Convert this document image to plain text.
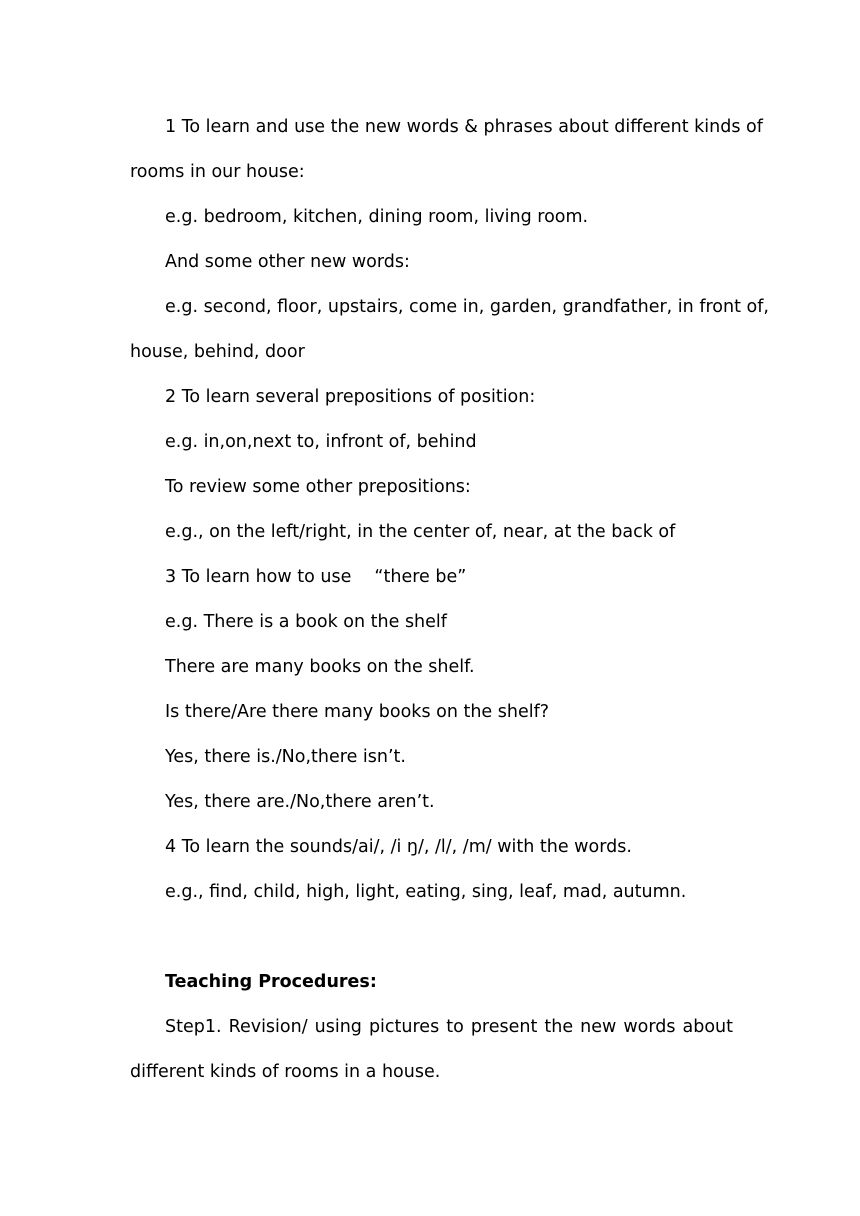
1 To learn and use the new words & phrases about different kinds of
rooms in our house:
e.g. bedroom, kitchen, dining room, living room.
And some other new words:
e.g. second, floor, upstairs, come in, garden, grandfather, in front of,
house, behind, door
2 To learn several prepositions of position:
e.g. in,on,next to, infront of, behind
To review some other prepositions:
e.g., on the left/right, in the center of, near, at the back of
3 To learn how to use 　“there be”
e.g. There is a book on the shelf
There are many books on the shelf.
Is there/Are there many books on the shelf?
Yes, there is./No,there isn’t.
Yes, there are./No,there aren’t.
4 To learn the sounds/ai/, /i ŋ/, /l/, /m/ with the words.
e.g., find, child, high, light, eating, sing, leaf, mad, autumn.
Teaching Procedures:
Step1. Revision/ using pictures to present the new words about
different kinds of rooms in a house.
